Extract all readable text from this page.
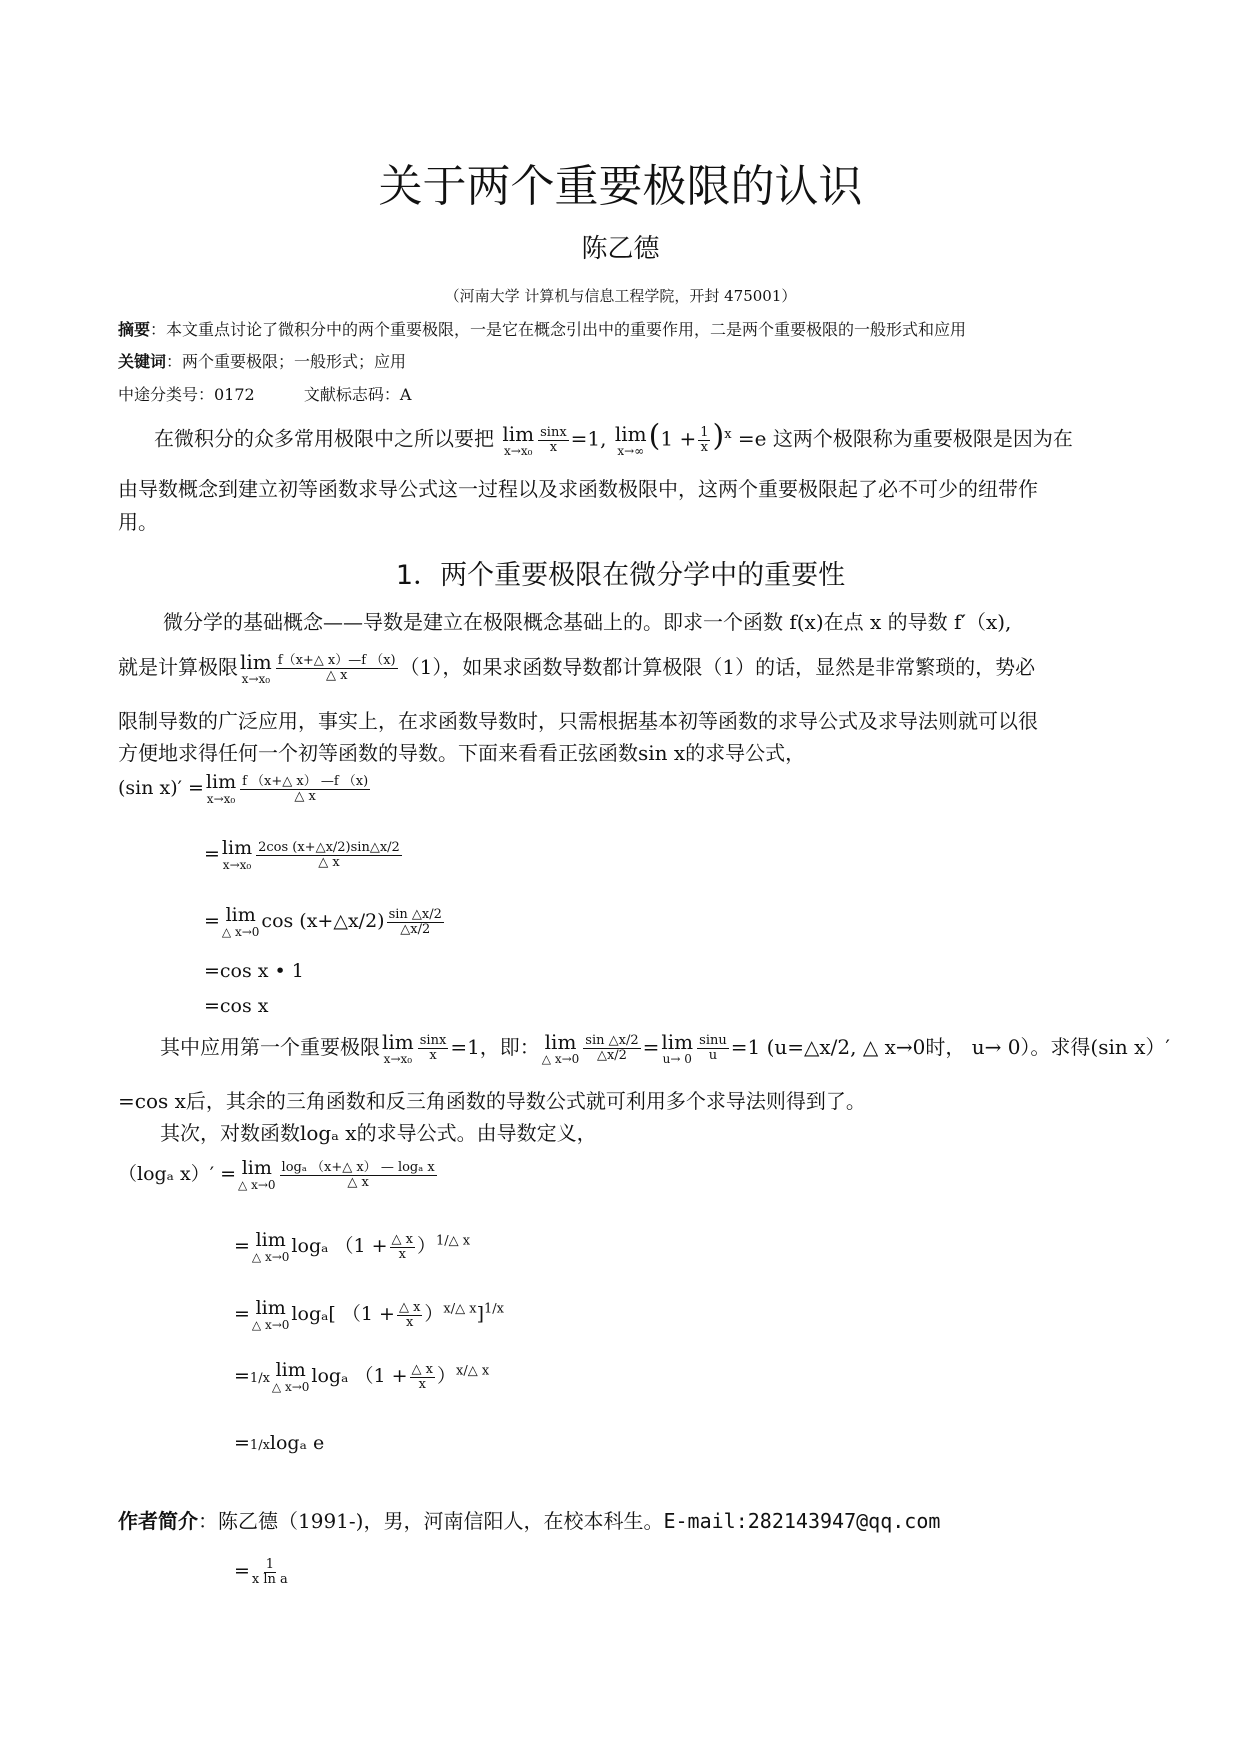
关于两个重要极限的认识
陈乙德
（河南大学 计算机与信息工程学院，开封 475001）
摘要：本文重点讨论了微积分中的两个重要极限，一是它在概念引出中的重要作用，二是两个重要极限的一般形式和应用
关键词：两个重要极限；一般形式；应用
中途分类号：0172	文献标志码：A
在微积分的众多常用极限中之所以要把 lim
$x\to x_0 \frac{\sin x}{x} =1$, lim
x→∞ $(1 + \frac{1}{x} )^x =e$ 这两个极限称为重要极限是因为在
由导数概念到建立初等函数求导公式这一过程以及求函数极限中，这两个重要极限起了必不可少的纽带作
用。
1．两个重要极限在微分学中的重要性
微分学的基础概念——导数是建立在极限概念基础上的。即求一个函数 f(x)在点 x 的导数 f′（x),
就是计算极限 lim
$x\to x_0 \frac{f(x+\triangle x)—f (x)}{\triangle x} (1)$，如果求函数导数都计算极限（1）的话，显然是非常繁琐的，势必
限制导数的广泛应用，事实上，在求函数导数时，只需根据基本初等函数的求导公式及求导法则就可以很
方便地求得任何一个初等函数的导数。下面来看看正弦函数sin x的求导公式，
(sin x)′ = lim
$x\to x_0 \frac{f (x+\triangle x) —f (x)}{\triangle x}$
= lim
$x\to x_0 \frac{2\cos (x+\triangle x/2)\sin\triangle x/2}{\triangle x}$
= lim
△ x→0 cos (x+△x/2) $\frac{\sin \triangle x/2}{\triangle x/2}$
=cos x • 1
=cos x
其中应用第一个重要极限 lim
$x\to x_0 \frac{\sin x}{x} =1$，即： lim
△ $x\to 0 \frac{\sin \triangle x/2}{\triangle x/2} = \lim$
$u\to 0 \frac{\sin u}{u} =1$ (u=△x/2, △ x→0时， u→ 0）。求得(sin x）′
=cos x后，其余的三角函数和反三角函数的导数公式就可利用多个求导法则得到了。
其次，对数函数logₐ x的求导公式。由导数定义，
（logₐ x）′ = lim
△ $x\to 0 \frac{\text{logₐ （x+△ x） — logₐ x}}{\triangle x}$
= lim
△ x→0 logₐ $(1 + \frac{\triangle x}{x} )^{1/\triangle x}$
= lim
△ x→0 logₐ[ $(1 + \frac{\triangle x}{x} )^{x/\triangle x}]^{1/x}$
=1/x lim
△ x→0 logₐ $(1 + \frac{\triangle x}{x} )^{x/\triangle x}$
=1/xlogₐ e
作者简介：陈乙德（1991-)，男，河南信阳人，在校本科生。E-mail:282143947@qq.com
= $\frac{1}{\text{x ln a}}$
